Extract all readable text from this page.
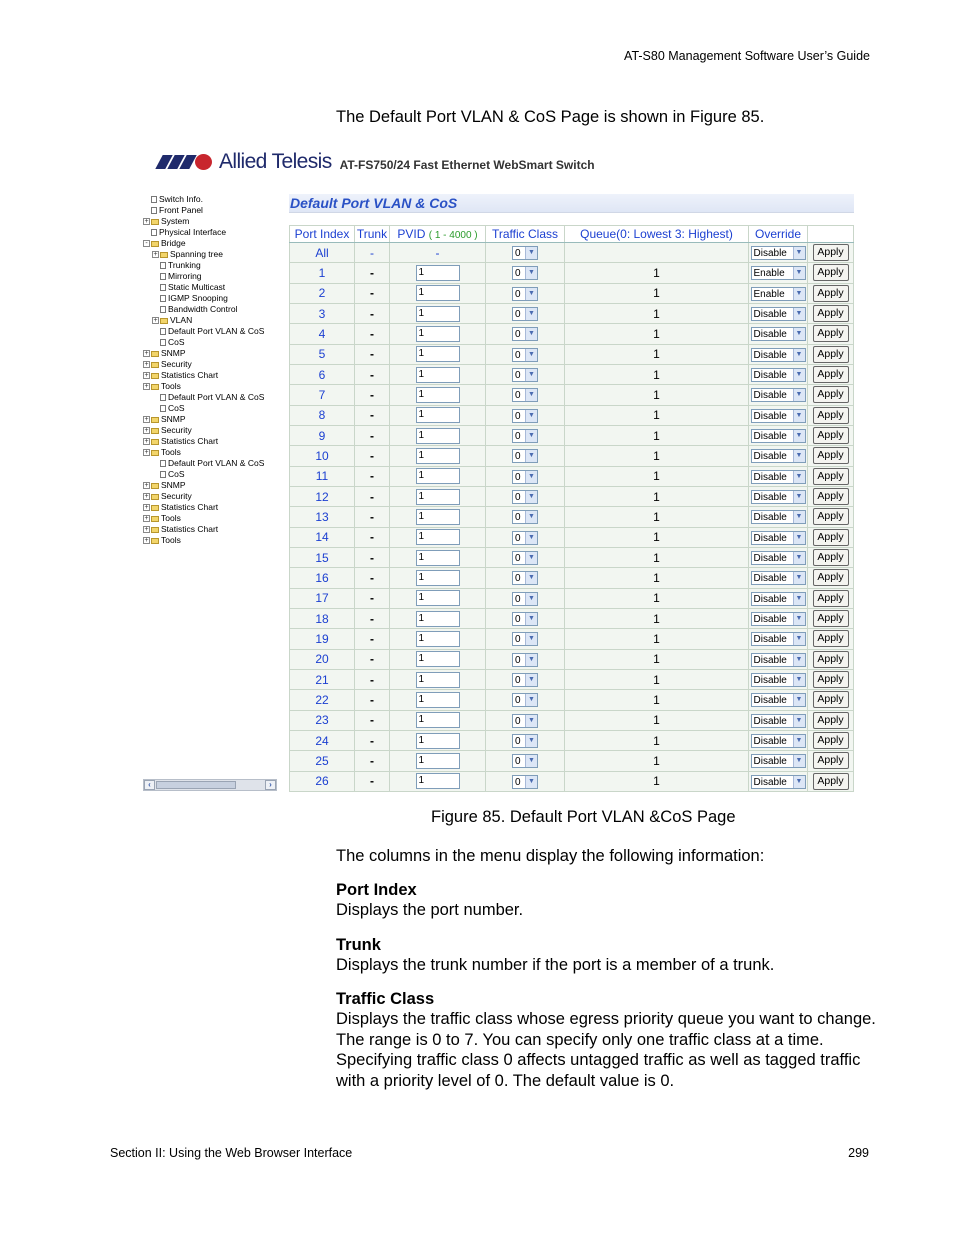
AT-S80 Management Software User’s Guide
The Default Port VLAN & CoS Page is shown in Figure 85.
Allied Telesis AT-FS750/24 Fast Ethernet WebSmart Switch
Switch Info.
Front Panel
+ System
Physical Interface
- Bridge
+ Spanning tree
Trunking
Mirroring
Static Multicast
IGMP Snooping
Bandwidth Control
+ VLAN
Default Port VLAN & CoS
CoS
+ SNMP
+ Security
+ Statistics Chart
+ Tools
Default Port VLAN & CoS
CoS
+ SNMP
+ Security
+ Statistics Chart
+ Tools
Default Port VLAN & CoS
CoS
+ SNMP
+ Security
+ Statistics Chart
+ Tools
+ Statistics Chart
+ Tools
‹	›
Default Port VLAN & CoS
Port Index	Trunk	PVID ( 1 - 4000 )	Traffic Class	Queue(0: Lowest 3: Highest)	Override	
All	-	-	0 ▼		Disable ▼	Apply
1	-	1	0 ▼	1	Enable ▼	Apply
2	-	1	0 ▼	1	Enable ▼	Apply
3	-	1	0 ▼	1	Disable ▼	Apply
4	-	1	0 ▼	1	Disable ▼	Apply
5	-	1	0 ▼	1	Disable ▼	Apply
6	-	1	0 ▼	1	Disable ▼	Apply
7	-	1	0 ▼	1	Disable ▼	Apply
8	-	1	0 ▼	1	Disable ▼	Apply
9	-	1	0 ▼	1	Disable ▼	Apply
10	-	1	0 ▼	1	Disable ▼	Apply
11	-	1	0 ▼	1	Disable ▼	Apply
12	-	1	0 ▼	1	Disable ▼	Apply
13	-	1	0 ▼	1	Disable ▼	Apply
14	-	1	0 ▼	1	Disable ▼	Apply
15	-	1	0 ▼	1	Disable ▼	Apply
16	-	1	0 ▼	1	Disable ▼	Apply
17	-	1	0 ▼	1	Disable ▼	Apply
18	-	1	0 ▼	1	Disable ▼	Apply
19	-	1	0 ▼	1	Disable ▼	Apply
20	-	1	0 ▼	1	Disable ▼	Apply
21	-	1	0 ▼	1	Disable ▼	Apply
22	-	1	0 ▼	1	Disable ▼	Apply
23	-	1	0 ▼	1	Disable ▼	Apply
24	-	1	0 ▼	1	Disable ▼	Apply
25	-	1	0 ▼	1	Disable ▼	Apply
26	-	1	0 ▼	1	Disable ▼	Apply
Figure 85. Default Port VLAN &CoS Page
The columns in the menu display the following information:
Port Index
Displays the port number.
Trunk
Displays the trunk number if the port is a member of a trunk.
Traffic Class
Displays the traffic class whose egress priority queue you want to change. The range is 0 to 7. You can specify only one traffic class at a time. Specifying traffic class 0 affects untagged traffic as well as tagged traffic with a priority level of 0. The default value is 0.
Section II: Using the Web Browser Interface	299
